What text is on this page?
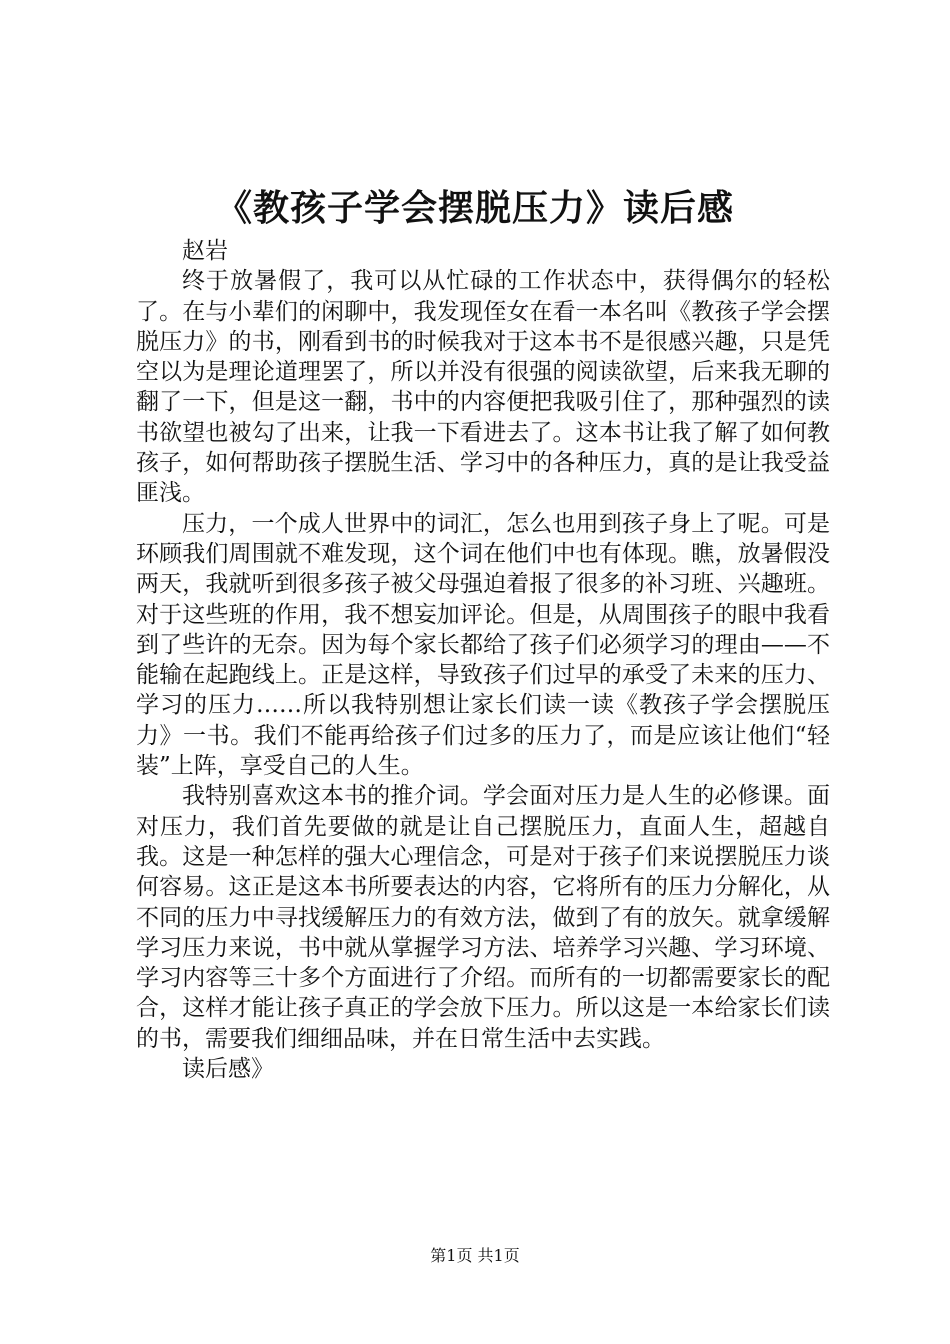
《教孩子学会摆脱压力》读后感

赵岩

终于放暑假了，我可以从忙碌的工作状态中，获得偶尔的轻松了。在与小辈们的闲聊中，我发现侄女在看一本名叫《教孩子学会摆脱压力》的书，刚看到书的时候我对于这本书不是很感兴趣，只是凭空以为是理论道理罢了，所以并没有很强的阅读欲望，后来我无聊的翻了一下，但是这一翻，书中的内容便把我吸引住了，那种强烈的读书欲望也被勾了出来，让我一下看进去了。这本书让我了解了如何教孩子，如何帮助孩子摆脱生活、学习中的各种压力，真的是让我受益匪浅。

压力，一个成人世界中的词汇，怎么也用到孩子身上了呢。可是环顾我们周围就不难发现，这个词在他们中也有体现。瞧，放暑假没两天，我就听到很多孩子被父母强迫着报了很多的补习班、兴趣班。对于这些班的作用，我不想妄加评论。但是，从周围孩子的眼中我看到了些许的无奈。因为每个家长都给了孩子们必须学习的理由——不能输在起跑线上。正是这样，导致孩子们过早的承受了未来的压力、学习的压力……所以我特别想让家长们读一读《教孩子学会摆脱压力》一书。我们不能再给孩子们过多的压力了，而是应该让他们“轻装”上阵，享受自己的人生。

我特别喜欢这本书的推介词。学会面对压力是人生的必修课。面对压力，我们首先要做的就是让自己摆脱压力，直面人生，超越自我。这是一种怎样的强大心理信念，可是对于孩子们来说摆脱压力谈何容易。这正是这本书所要表达的内容，它将所有的压力分解化，从不同的压力中寻找缓解压力的有效方法，做到了有的放矢。就拿缓解学习压力来说，书中就从掌握学习方法、培养学习兴趣、学习环境、学习内容等三十多个方面进行了介绍。而所有的一切都需要家长的配合，这样才能让孩子真正的学会放下压力。所以这是一本给家长们读的书，需要我们细细品味，并在日常生活中去实践。

读后感》

第1页 共1页
